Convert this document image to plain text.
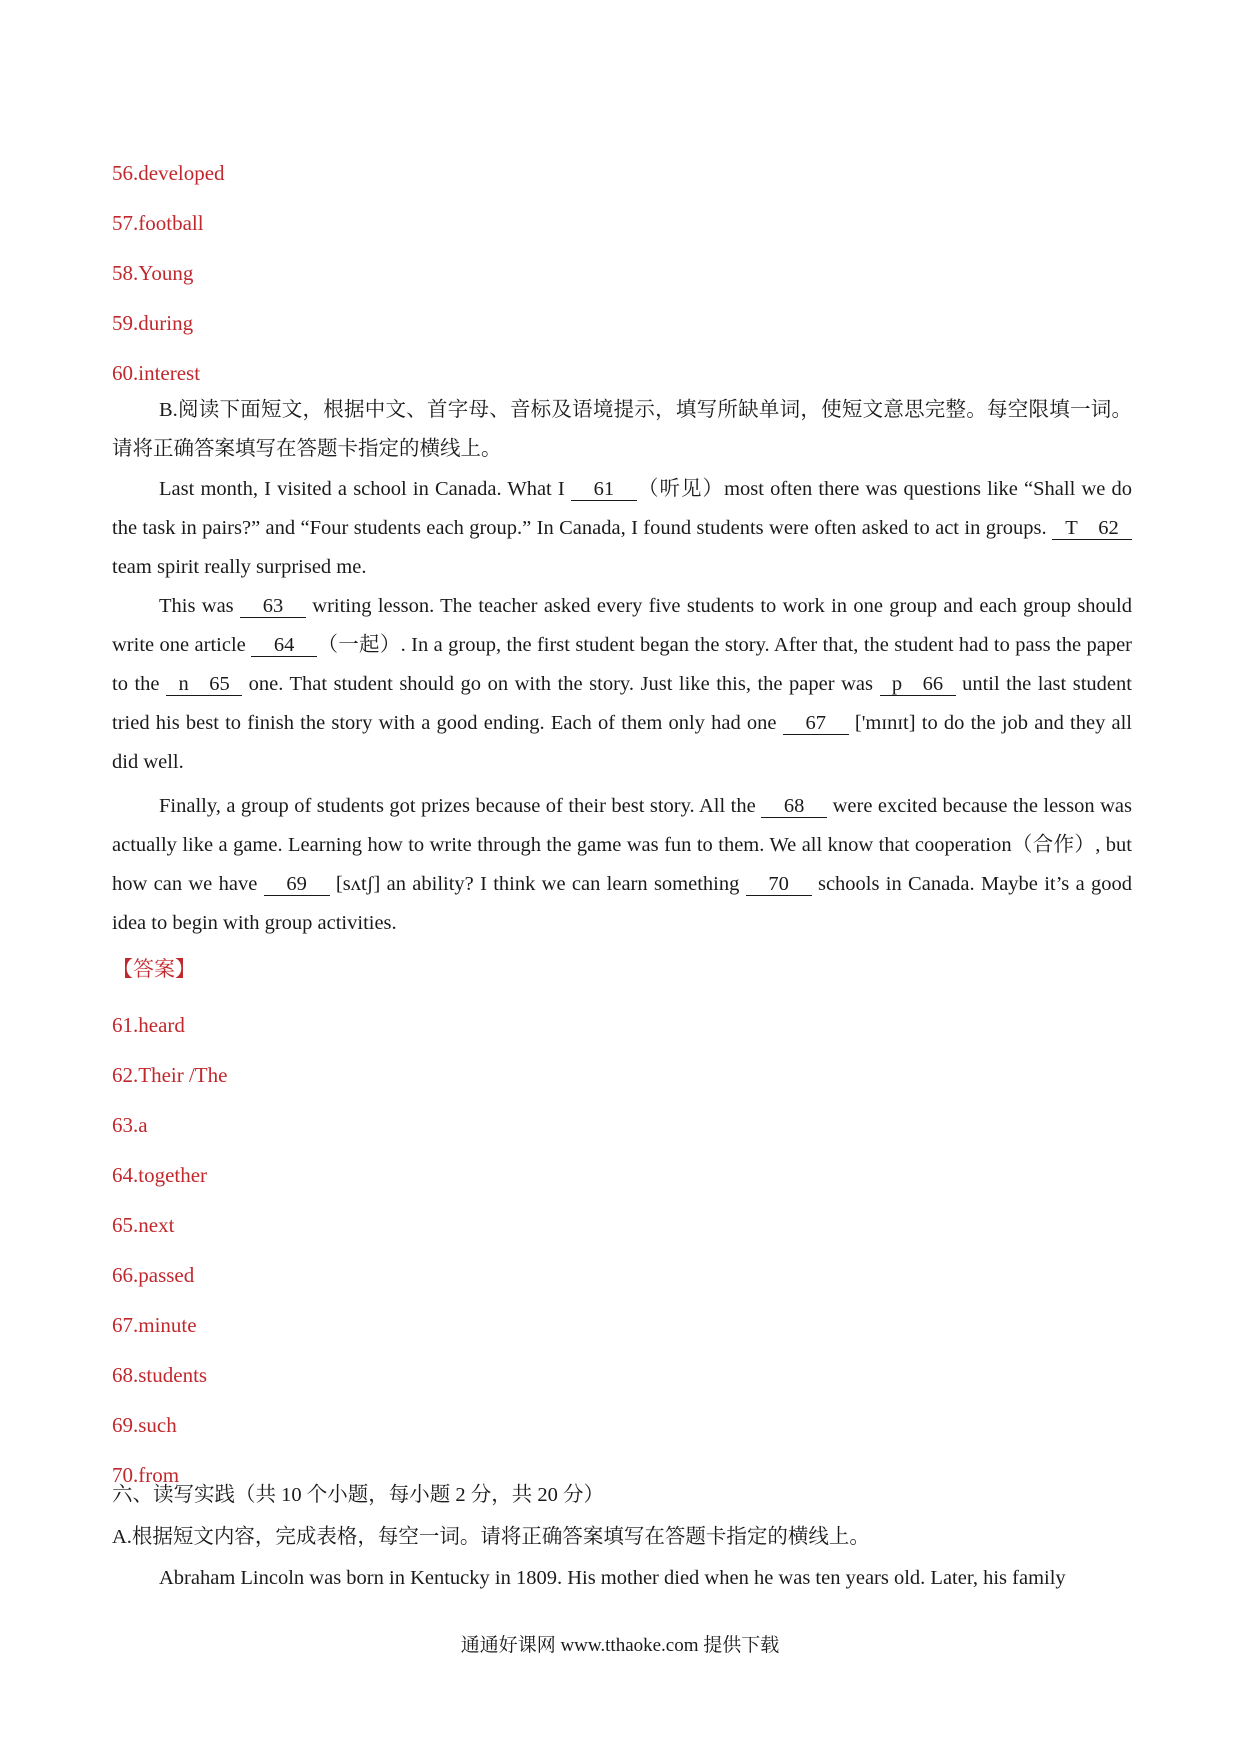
56.developed
57.football
58.Young
59.during
60.interest
B.阅读下面短文，根据中文、首字母、音标及语境提示，填写所缺单词，使短文意思完整。每空限填一词。请将正确答案填写在答题卡指定的横线上。
Last month, I visited a school in Canada. What I 61 （听见）most often there was questions like “Shall we do the task in pairs?” and “Four students each group.” In Canada, I found students were often asked to act in groups. T 62 team spirit really surprised me.
This was 63 writing lesson. The teacher asked every five students to work in one group and each group should write one article 64 （一起）. In a group, the first student began the story. After that, the student had to pass the paper to the n 65 one. That student should go on with the story. Just like this, the paper was p 66 until the last student tried his best to finish the story with a good ending. Each of them only had one 67 ['mɪnɪt] to do the job and they all did well.
Finally, a group of students got prizes because of their best story. All the 68 were excited because the lesson was actually like a game. Learning how to write through the game was fun to them. We all know that cooperation（合作）, but how can we have 69 [sʌtʃ] an ability? I think we can learn something 70 schools in Canada. Maybe it’s a good idea to begin with group activities.
【答案】
61.heard
62.Their /The
63.a
64.together
65.next
66.passed
67.minute
68.students
69.such
70.from
六、读写实践（共 10 个小题，每小题 2 分，共 20 分）
A.根据短文内容，完成表格，每空一词。请将正确答案填写在答题卡指定的横线上。
Abraham Lincoln was born in Kentucky in 1809. His mother died when he was ten years old. Later, his family
通通好课网 www.tthaoke.com 提供下载
